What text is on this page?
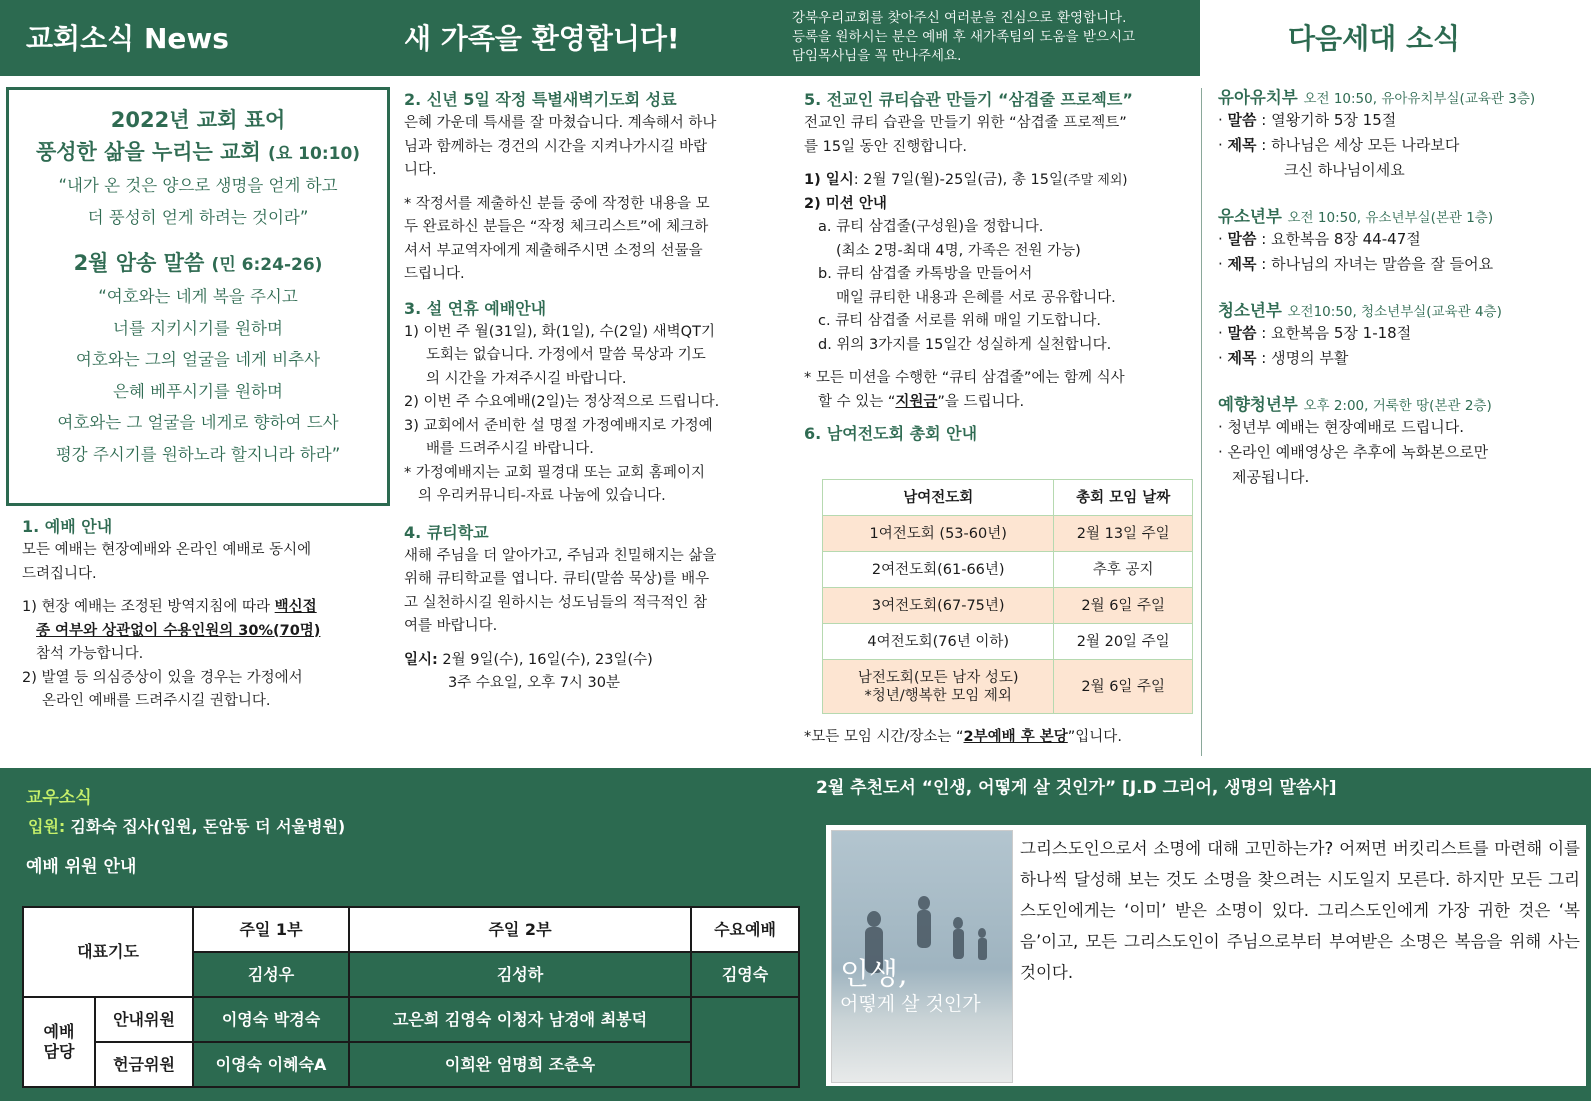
교회소식 News	새 가족을 환영합니다!
강북우리교회를 찾아주신 여러분을 진심으로 환영합니다.
등록을 원하시는 분은 예배 후 새가족팀의 도움을 받으시고
담임목사님을 꼭 만나주세요.
다음세대 소식
2022년 교회 표어
풍성한 삶을 누리는 교회 (요 10:10)
“내가 온 것은 양으로 생명을 얻게 하고
더 풍성히 얻게 하려는 것이라”
2월 암송 말씀 (민 6:24-26)
“여호와는 네게 복을 주시고
너를 지키시기를 원하며
여호와는 그의 얼굴을 네게 비추사
은혜 베푸시기를 원하며
여호와는 그 얼굴을 네게로 향하여 드사
평강 주시기를 원하노라 할지니라 하라”
1. 예배 안내
모든 예배는 현장예배와 온라인 예배로 동시에
드려집니다.
1) 현장 예배는 조정된 방역지침에 따라 백신접
종 여부와 상관없이 수용인원의 30%(70명)
참석 가능합니다.
2) 발열 등 의심증상이 있을 경우는 가정에서
온라인 예배를 드려주시길 권합니다.
2. 신년 5일 작정 특별새벽기도회 성료
은혜 가운데 특새를 잘 마쳤습니다. 계속해서 하나
님과 함께하는 경건의 시간을 지켜나가시길 바랍
니다.
* 작정서를 제출하신 분들 중에 작정한 내용을 모
두 완료하신 분들은 “작정 체크리스트”에 체크하
셔서 부교역자에게 제출해주시면 소정의 선물을
드립니다.
3. 설 연휴 예배안내
1) 이번 주 월(31일), 화(1일), 수(2일) 새벽QT기
도회는 없습니다. 가정에서 말씀 묵상과 기도
의 시간을 가져주시길 바랍니다.
2) 이번 주 수요예배(2일)는 정상적으로 드립니다.
3) 교회에서 준비한 설 명절 가정예배지로 가정예
배를 드려주시길 바랍니다.
* 가정예배지는 교회 필경대 또는 교회 홈페이지
의 우리커뮤니티-자료 나눔에 있습니다.
4. 큐티학교
새해 주님을 더 알아가고, 주님과 친밀해지는 삶을
위해 큐티학교를 엽니다. 큐티(말씀 묵상)를 배우
고 실천하시길 원하시는 성도님들의 적극적인 참
여를 바랍니다.
일시: 2월 9일(수), 16일(수), 23일(수)
3주 수요일, 오후 7시 30분
5. 전교인 큐티습관 만들기 “삼겹줄 프로젝트”
전교인 큐티 습관을 만들기 위한 “삼겹줄 프로젝트”
를 15일 동안 진행합니다.
1) 일시: 2월 7일(월)-25일(금), 총 15일(주말 제외)
2) 미션 안내
a. 큐티 삼겹줄(구성원)을 정합니다.
(최소 2명-최대 4명, 가족은 전원 가능)
b. 큐티 삼겹줄 카톡방을 만들어서
매일 큐티한 내용과 은혜를 서로 공유합니다.
c. 큐티 삼겹줄 서로를 위해 매일 기도합니다.
d. 위의 3가지를 15일간 성실하게 실천합니다.
* 모든 미션을 수행한 “큐티 삼겹줄”에는 함께 식사
할 수 있는 “지원금”을 드립니다.
6. 남여전도회 총회 안내
남여전도회	총회 모임 날짜
1여전도회 (53-60년)	2월 13일 주일
2여전도회(61-66년)	추후 공지
3여전도회(67-75년)	2월 6일 주일
4여전도회(76년 이하)	2월 20일 주일

남전도회(모든 남자 성도)
*청년/행복한 모임 제외	2월 6일 주일
*모든 모임 시간/장소는 “2부예배 후 본당”입니다.
유아유치부 오전 10:50, 유아유치부실(교육관 3층)
· 말씀 : 열왕기하 5장 15절
· 제목 : 하나님은 세상 모든 나라보다
크신 하나님이세요
유소년부 오전 10:50, 유소년부실(본관 1층)
· 말씀 : 요한복음 8장 44-47절
· 제목 : 하나님의 자녀는 말씀을 잘 들어요
청소년부 오전10:50, 청소년부실(교육관 4층)
· 말씀 : 요한복음 5장 1-18절
· 제목 : 생명의 부활
예향청년부 오후 2:00, 거룩한 땅(본관 2층)
· 청년부 예배는 현장예배로 드립니다.
· 온라인 예배영상은 추후에 녹화본으로만
제공됩니다.
교우소식
입원: 김화숙 집사(입원, 돈암동 더 서울병원)
예배 위원 안내
대표기도		주일 1부	주일 2부	수요예배
		김성우	김성하	김영숙
예배
담당	안내위원	이영숙 박경숙	고은희 김영숙 이청자 남경애 최봉덕	
	헌금위원	이영숙 이혜숙A	이희완 엄명희 조춘옥	
2월 추천도서 “인생, 어떻게 살 것인가” [J.D 그리어, 생명의 말씀사]
인생,
어떻게 살 것인가
그리스도인으로서 소명에 대해 고민하는가? 어쩌면 버킷리스트를 마련해 이를 하나씩 달성해 보는 것도 소명을 찾으려는 시도일지 모른다. 하지만 모든 그리스도인에게는 ‘이미’ 받은 소명이 있다. 그리스도인에게 가장 귀한 것은 ‘복음’이고, 모든 그리스도인이 주님으로부터 부여받은 소명은 복음을 위해 사는 것이다.
